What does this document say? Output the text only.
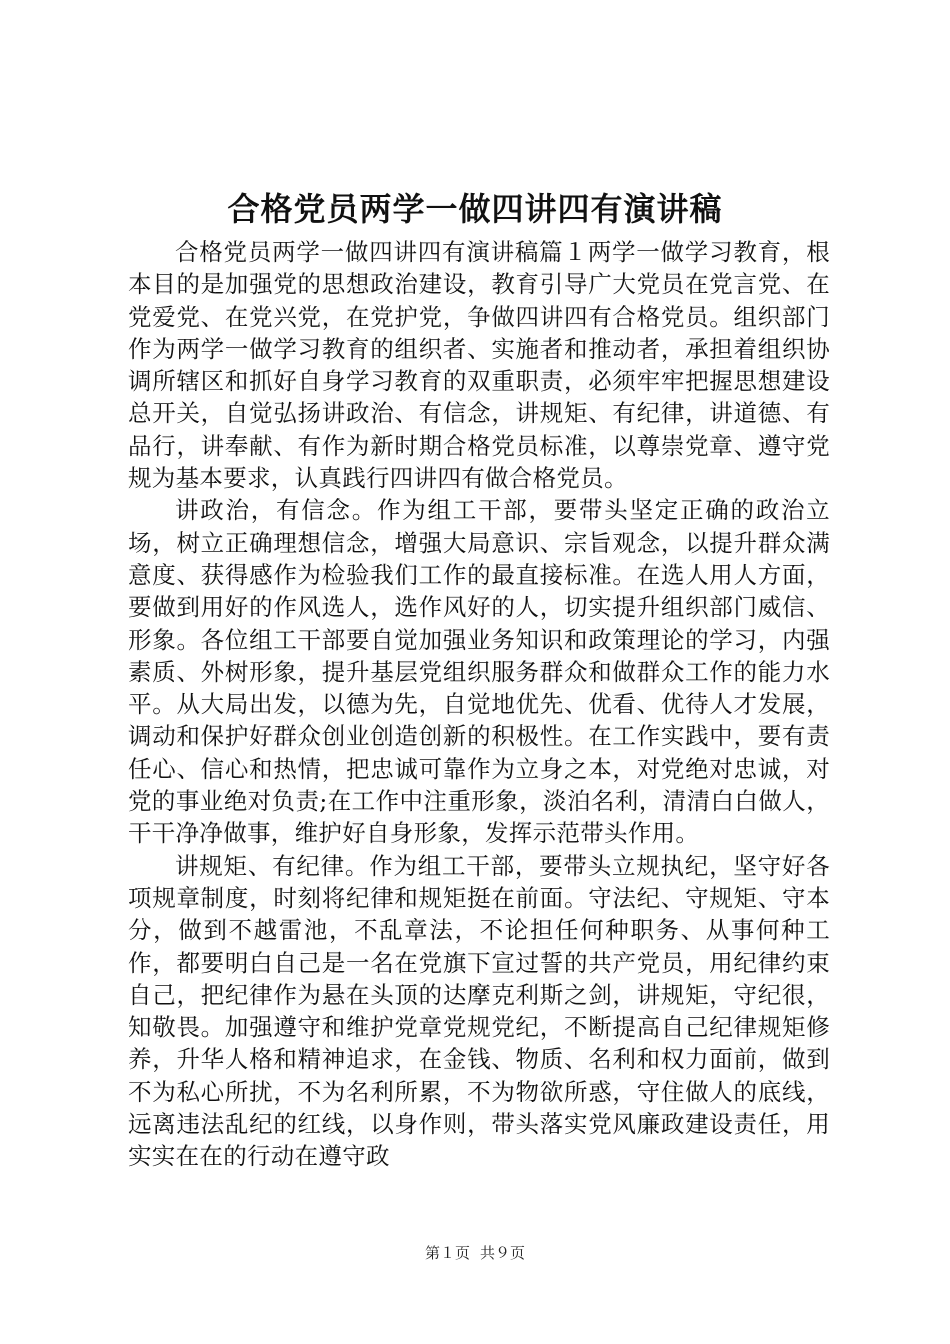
合格党员两学一做四讲四有演讲稿

合格党员两学一做四讲四有演讲稿篇１两学一做学习教育，根本目的是加强党的思想政治建设，教育引导广大党员在党言党、在党爱党、在党兴党，在党护党，争做四讲四有合格党员。组织部门作为两学一做学习教育的组织者、实施者和推动者，承担着组织协调所辖区和抓好自身学习教育的双重职责，必须牢牢把握思想建设总开关，自觉弘扬讲政治、有信念，讲规矩、有纪律，讲道德、有品行，讲奉献、有作为新时期合格党员标准，以尊崇党章、遵守党规为基本要求，认真践行四讲四有做合格党员。

讲政治，有信念。作为组工干部，要带头坚定正确的政治立场，树立正确理想信念，增强大局意识、宗旨观念，以提升群众满意度、获得感作为检验我们工作的最直接标准。在选人用人方面，要做到用好的作风选人，选作风好的人，切实提升组织部门威信、形象。各位组工干部要自觉加强业务知识和政策理论的学习，内强素质、外树形象，提升基层党组织服务群众和做群众工作的能力水平。从大局出发，以德为先，自觉地优先、优看、优待人才发展，调动和保护好群众创业创造创新的积极性。在工作实践中，要有责任心、信心和热情，把忠诚可靠作为立身之本，对党绝对忠诚，对党的事业绝对负责;在工作中注重形象，淡泊名利，清清白白做人，干干净净做事，维护好自身形象，发挥示范带头作用。

讲规矩、有纪律。作为组工干部，要带头立规执纪，坚守好各项规章制度，时刻将纪律和规矩挺在前面。守法纪、守规矩、守本分，做到不越雷池，不乱章法，不论担任何种职务、从事何种工作，都要明白自己是一名在党旗下宣过誓的共产党员，用纪律约束自己，把纪律作为悬在头顶的达摩克利斯之剑，讲规矩，守纪很，知敬畏。加强遵守和维护党章党规党纪，不断提高自己纪律规矩修养，升华人格和精神追求，在金钱、物质、名利和权力面前，做到不为私心所扰，不为名利所累，不为物欲所惑，守住做人的底线，远离违法乱纪的红线，以身作则，带头落实党风廉政建设责任，用实实在在的行动在遵守政

第１页 共９页
